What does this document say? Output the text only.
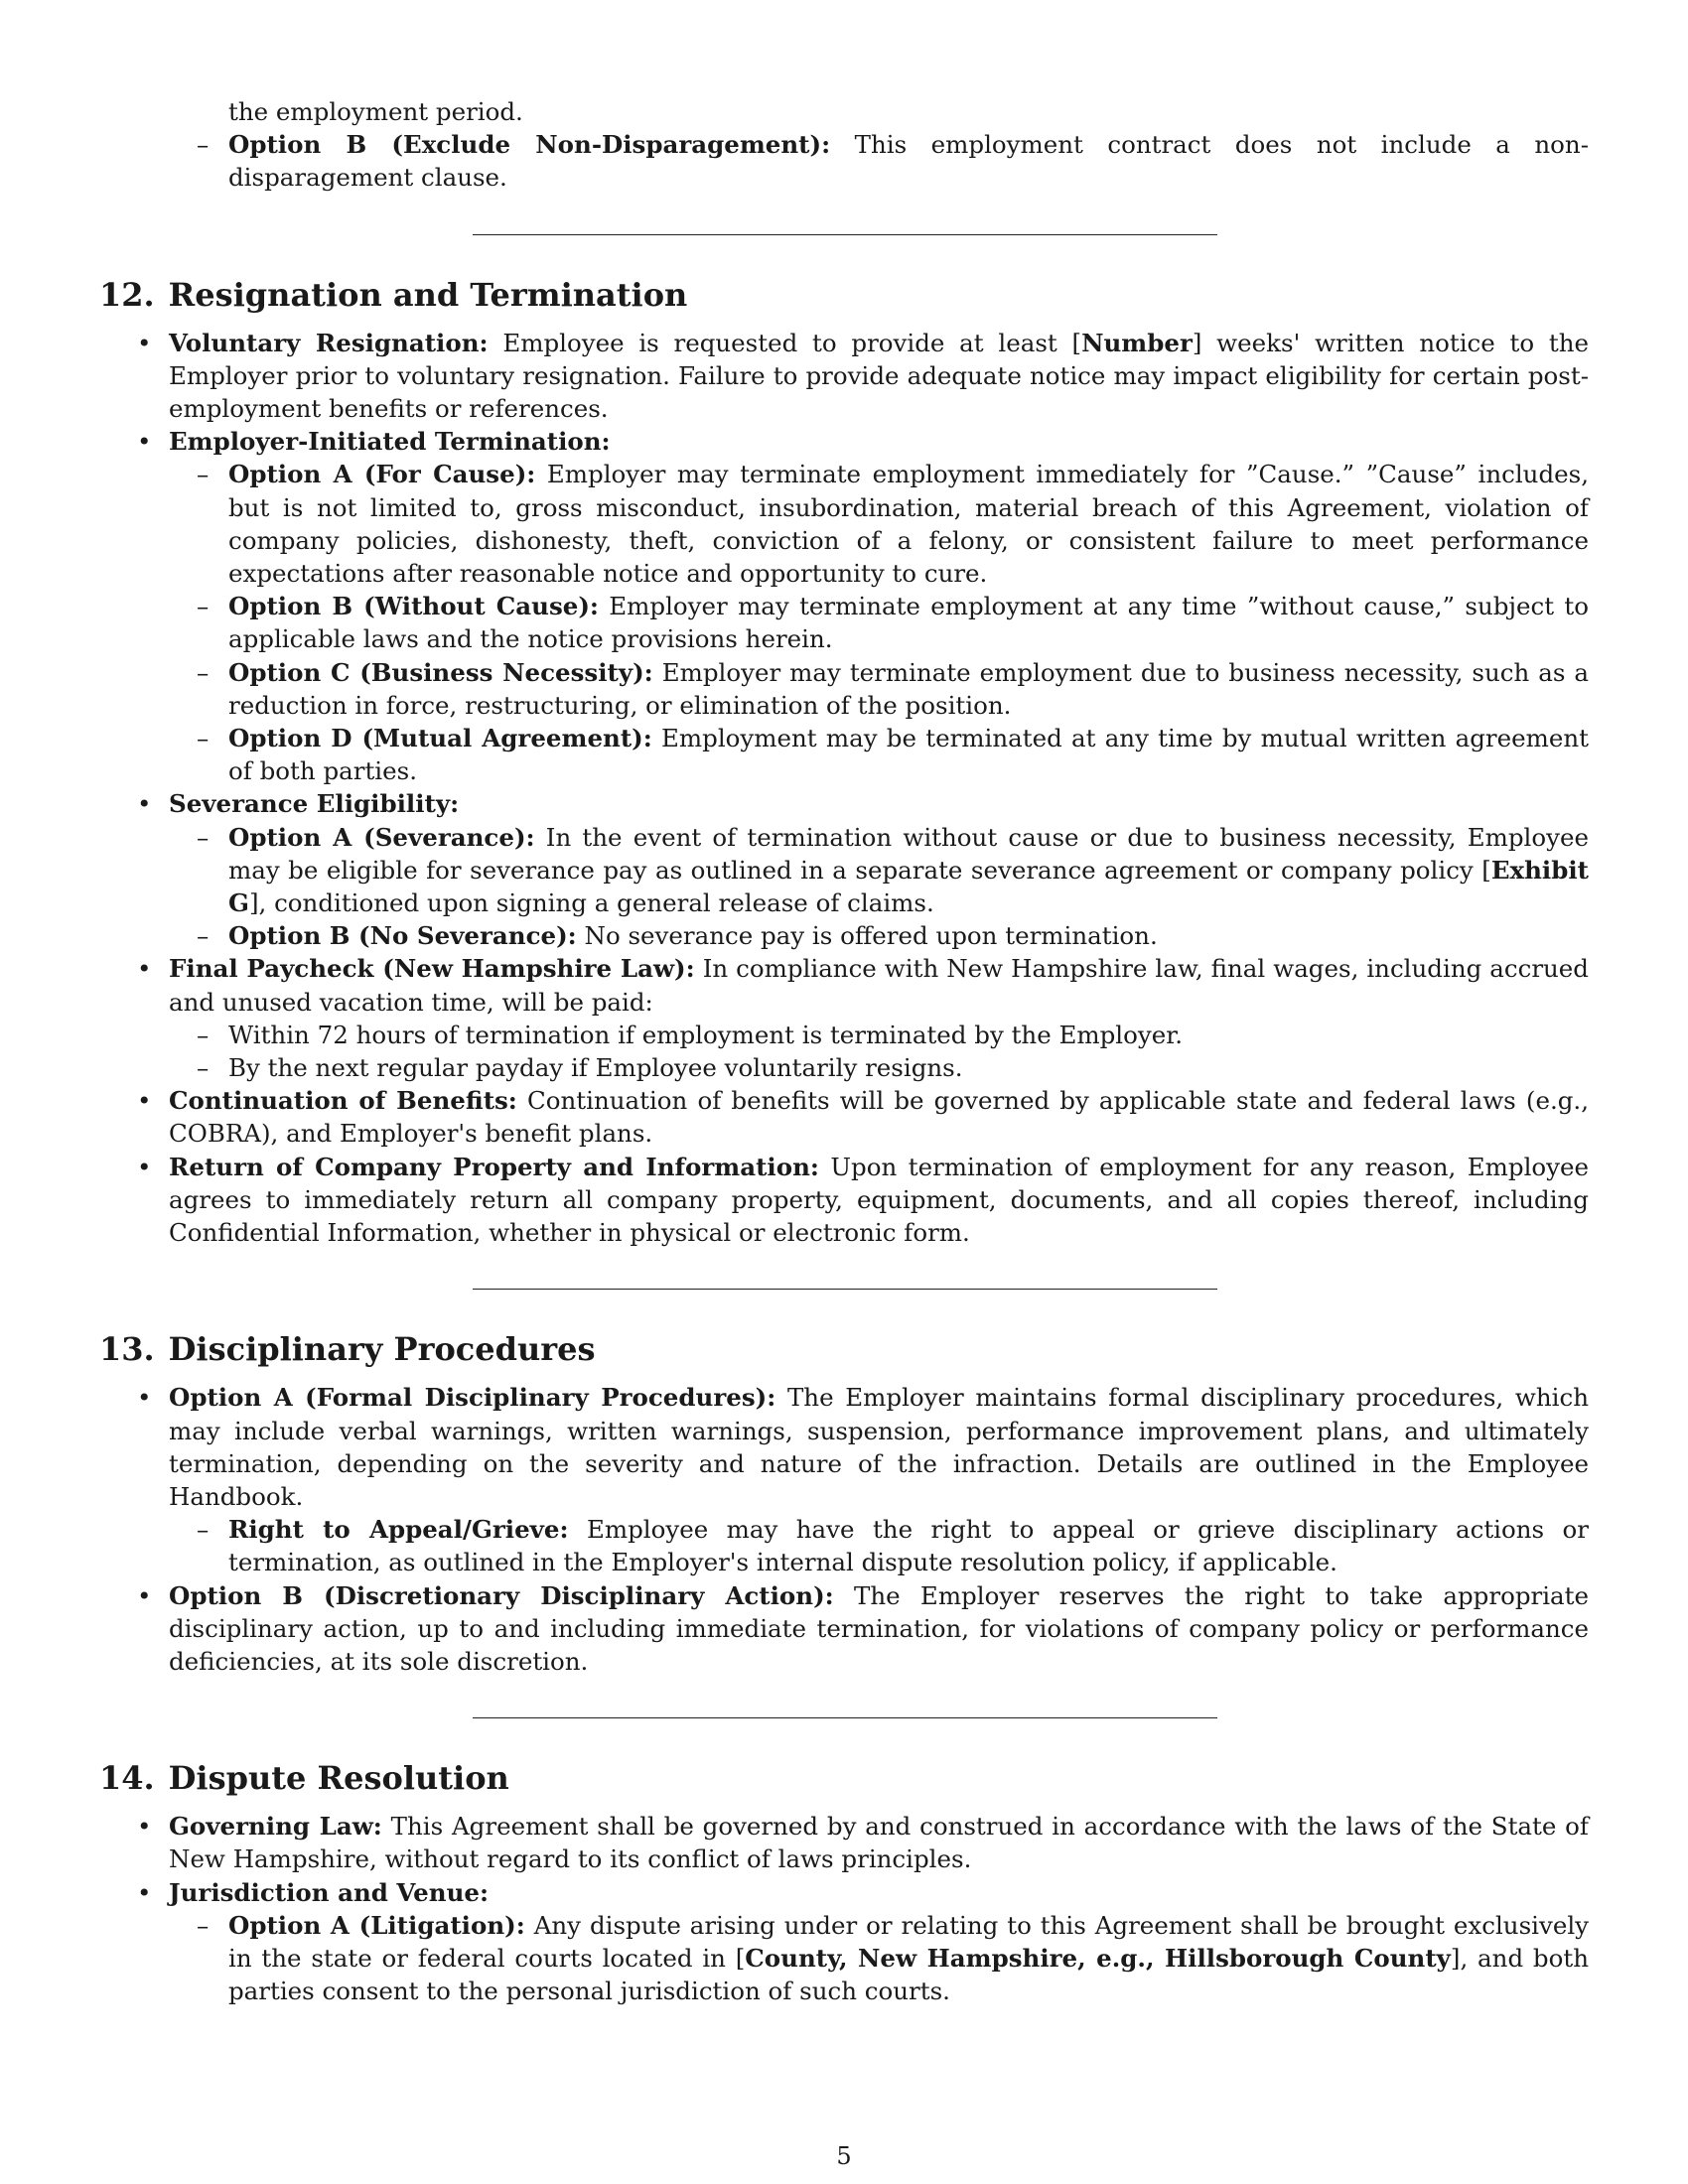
the employment period.
– Option B (Exclude Non-Disparagement): This employment contract does not include a non-disparagement clause.
12. Resignation and Termination
• Voluntary Resignation: Employee is requested to provide at least [Number] weeks' written notice to the Employer prior to voluntary resignation. Failure to provide adequate notice may impact eligibility for certain post-employment benefits or references.
• Employer-Initiated Termination:
– Option A (For Cause): Employer may terminate employment immediately for ”Cause.” ”Cause” includes, but is not limited to, gross misconduct, insubordination, material breach of this Agreement, violation of company policies, dishonesty, theft, conviction of a felony, or consistent failure to meet performance expectations after reasonable notice and opportunity to cure.
– Option B (Without Cause): Employer may terminate employment at any time ”without cause,” subject to applicable laws and the notice provisions herein.
– Option C (Business Necessity): Employer may terminate employment due to business necessity, such as a reduction in force, restructuring, or elimination of the position.
– Option D (Mutual Agreement): Employment may be terminated at any time by mutual written agreement of both parties.
• Severance Eligibility:
– Option A (Severance): In the event of termination without cause or due to business necessity, Employee may be eligible for severance pay as outlined in a separate severance agreement or company policy [Exhibit G], conditioned upon signing a general release of claims.
– Option B (No Severance): No severance pay is offered upon termination.
• Final Paycheck (New Hampshire Law): In compliance with New Hampshire law, final wages, including accrued and unused vacation time, will be paid:
– Within 72 hours of termination if employment is terminated by the Employer.
– By the next regular payday if Employee voluntarily resigns.
• Continuation of Benefits: Continuation of benefits will be governed by applicable state and federal laws (e.g., COBRA), and Employer's benefit plans.
• Return of Company Property and Information: Upon termination of employment for any reason, Employee agrees to immediately return all company property, equipment, documents, and all copies thereof, including Confidential Information, whether in physical or electronic form.
13. Disciplinary Procedures
• Option A (Formal Disciplinary Procedures): The Employer maintains formal disciplinary procedures, which may include verbal warnings, written warnings, suspension, performance improvement plans, and ultimately termination, depending on the severity and nature of the infraction. Details are outlined in the Employee Handbook.
– Right to Appeal/Grieve: Employee may have the right to appeal or grieve disciplinary actions or termination, as outlined in the Employer's internal dispute resolution policy, if applicable.
• Option B (Discretionary Disciplinary Action): The Employer reserves the right to take appropriate disciplinary action, up to and including immediate termination, for violations of company policy or performance deficiencies, at its sole discretion.
14. Dispute Resolution
• Governing Law: This Agreement shall be governed by and construed in accordance with the laws of the State of New Hampshire, without regard to its conflict of laws principles.
• Jurisdiction and Venue:
– Option A (Litigation): Any dispute arising under or relating to this Agreement shall be brought exclusively in the state or federal courts located in [County, New Hampshire, e.g., Hillsborough County], and both parties consent to the personal jurisdiction of such courts.
5
